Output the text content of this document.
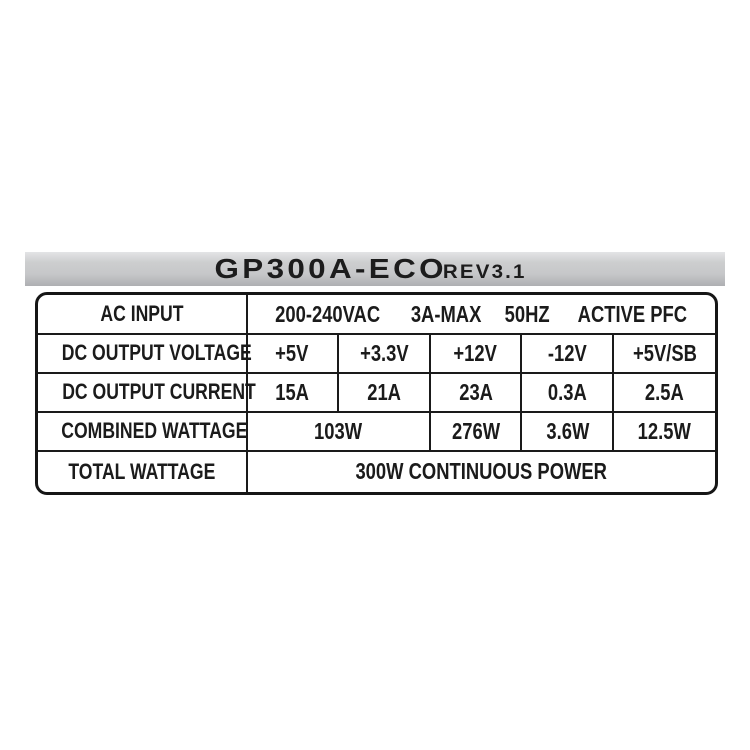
GP300A-ECO
REV3.1
AC INPUT	200-240VAC 3A-MAX 50HZ ACTIVE PFC				

DC OUTPUT VOLTAGE	+5V	+3.3V	+12V	-12V	+5V/SB
DC OUTPUT CURRENT	15A	21A	23A	0.3A	2.5A
COMBINED WATTAGE	103W		276W	3.6W	12.5W
TOTAL WATTAGE	300W CONTINUOUS POWER				
